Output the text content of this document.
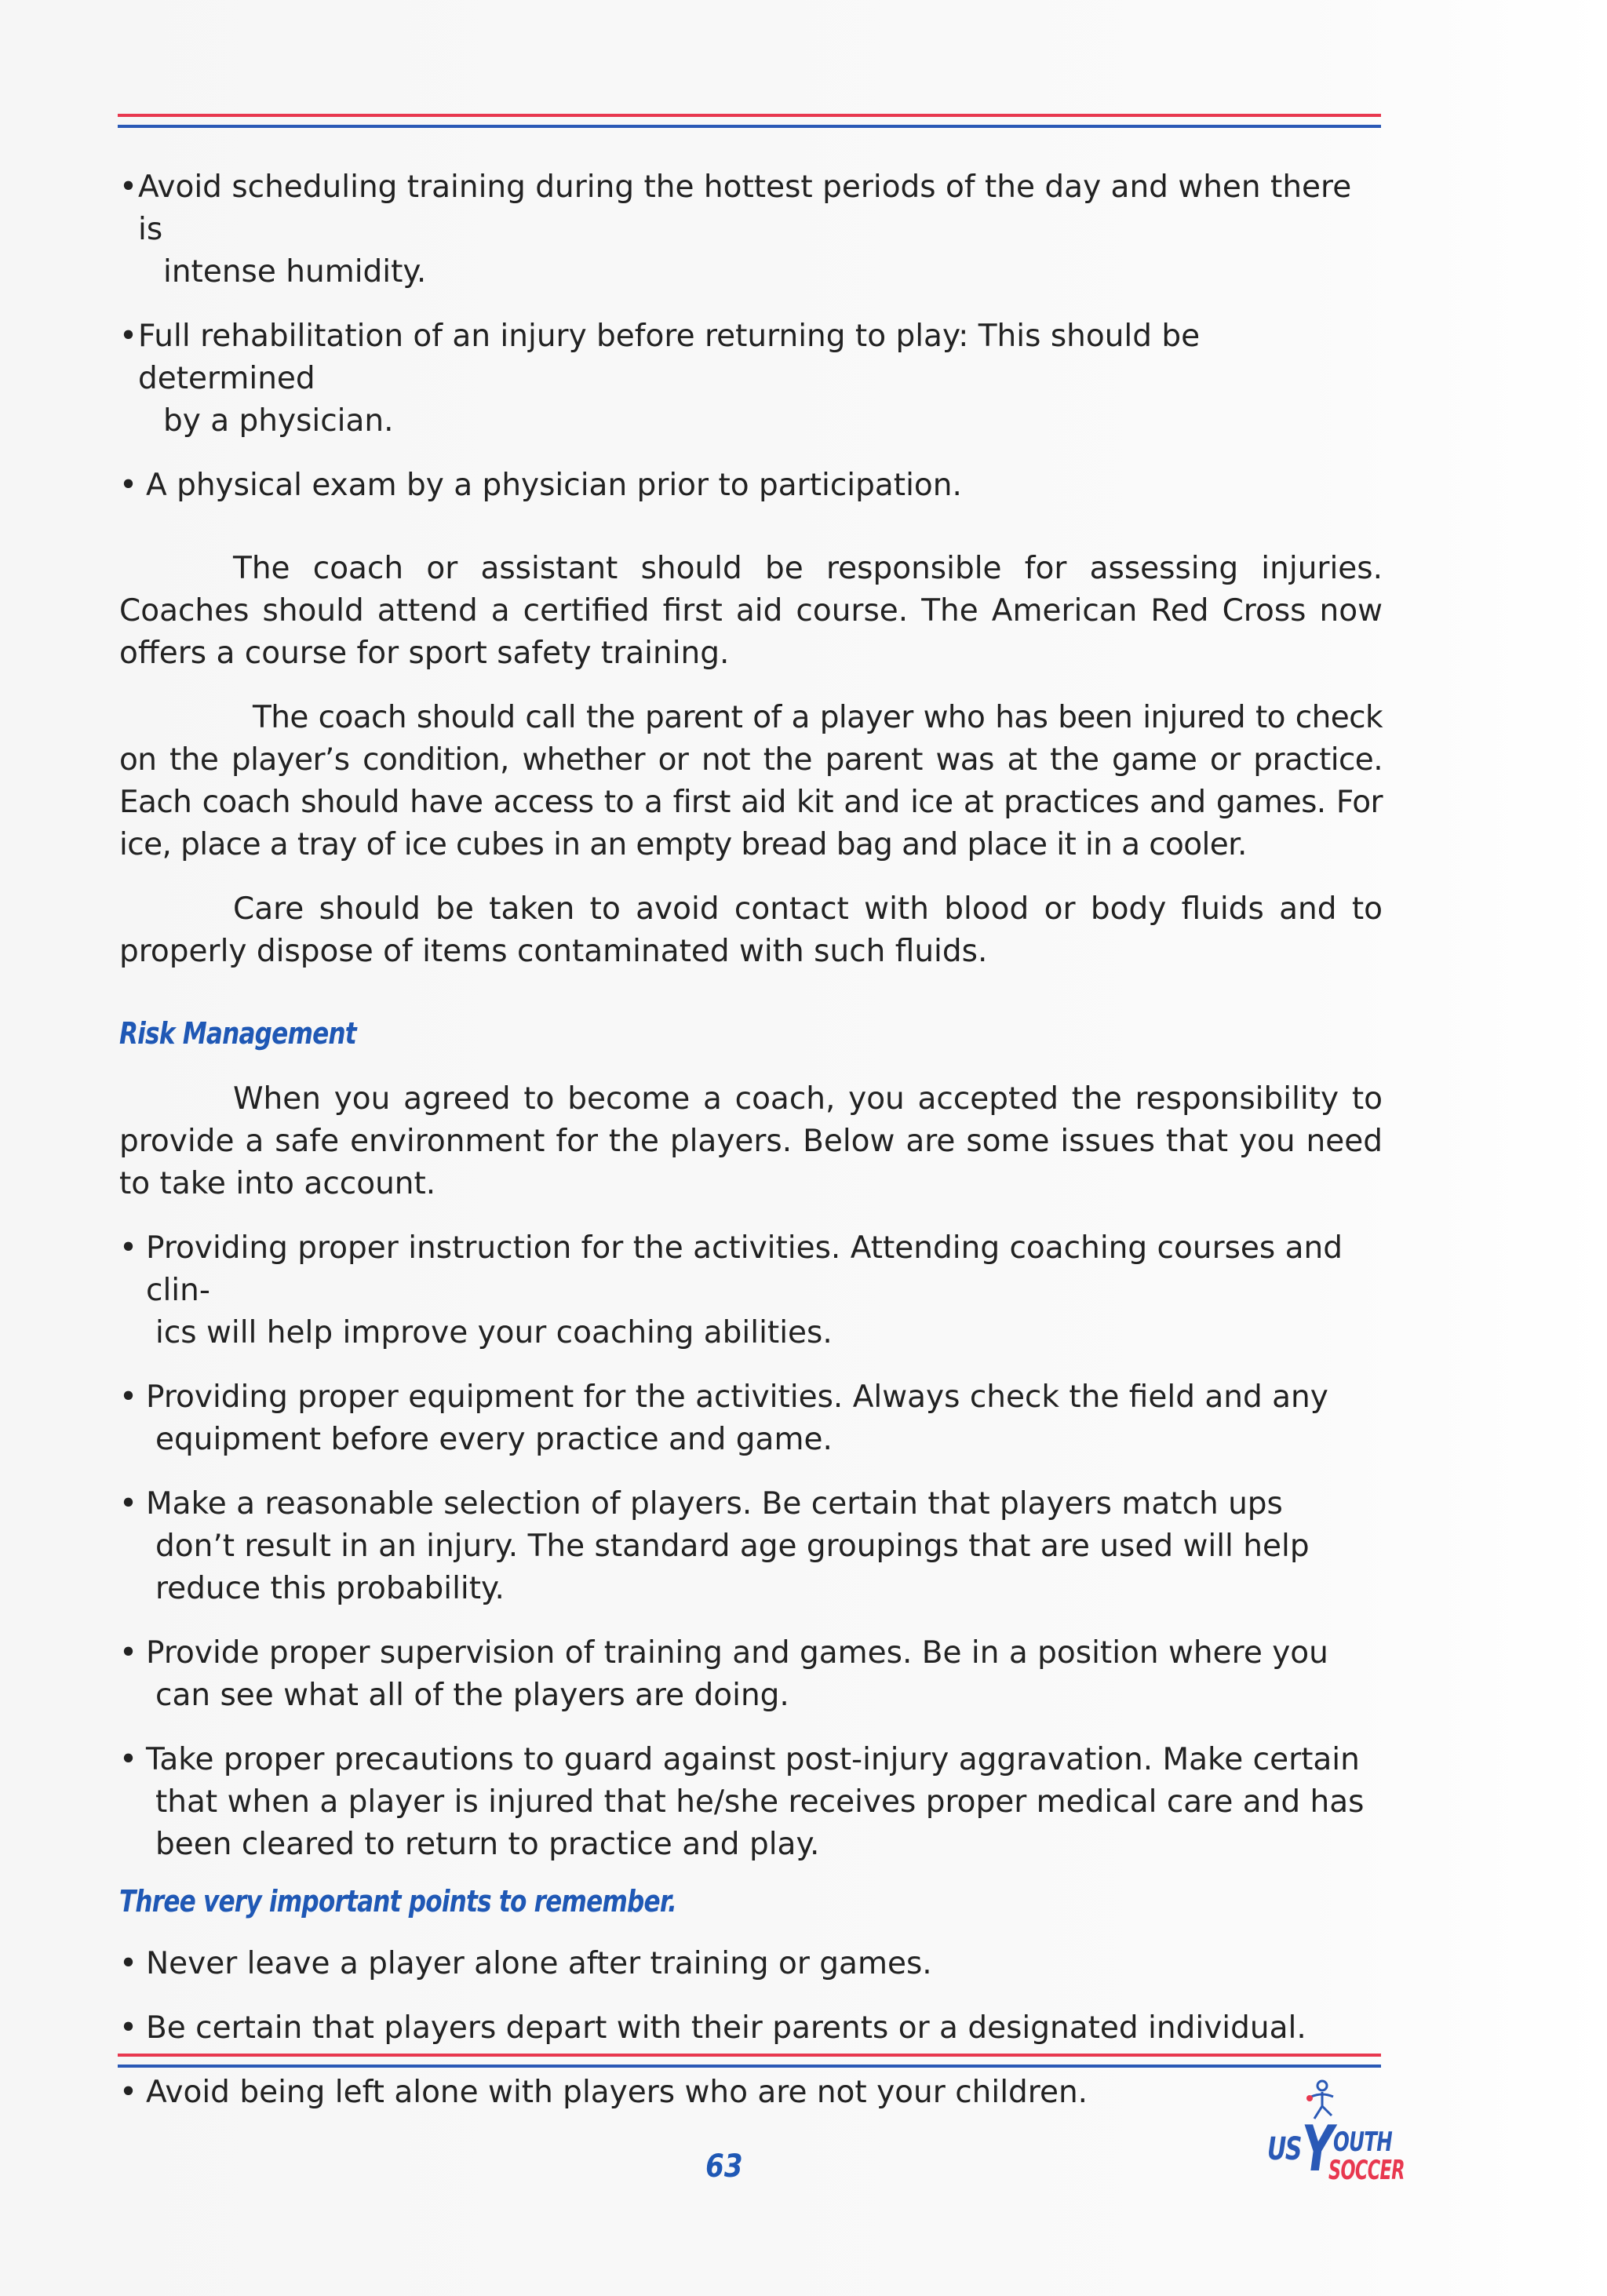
• Avoid scheduling training during the hottest periods of the day and when there is
intense humidity.

• Full rehabilitation of an injury before returning to play: This should be determined
by a physician.

• A physical exam by a physician prior to participation.

The coach or assistant should be responsible for assessing injuries. Coaches should attend a certified first aid course. The American Red Cross now offers a course for sport safety training.

The coach should call the parent of a player who has been injured to check on the player’s condition, whether or not the parent was at the game or practice. Each coach should have access to a first aid kit and ice at practices and games. For ice, place a tray of ice cubes in an empty bread bag and place it in a cooler.

Care should be taken to avoid contact with blood or body fluids and to properly dispose of items contaminated with such fluids.

Risk Management

When you agreed to become a coach, you accepted the responsibility to provide a safe environment for the players. Below are some issues that you need to take into account.

• Providing proper instruction for the activities. Attending coaching courses and clin-
ics will help improve your coaching abilities.

• Providing proper equipment for the activities. Always check the field and any
equipment before every practice and game.

• Make a reasonable selection of players. Be certain that players match ups
don’t result in an injury. The standard age groupings that are used will help
reduce this probability.

• Provide proper supervision of training and games. Be in a position where you
can see what all of the players are doing.

• Take proper precautions to guard against post-injury aggravation. Make certain
that when a player is injured that he/she receives proper medical care and has
been cleared to return to practice and play.

Three very important points to remember.

• Never leave a player alone after training or games.

• Be certain that players depart with their parents or a designated individual.

• Avoid being left alone with players who are not your children.

63	US Y OUTH
SOCCER
